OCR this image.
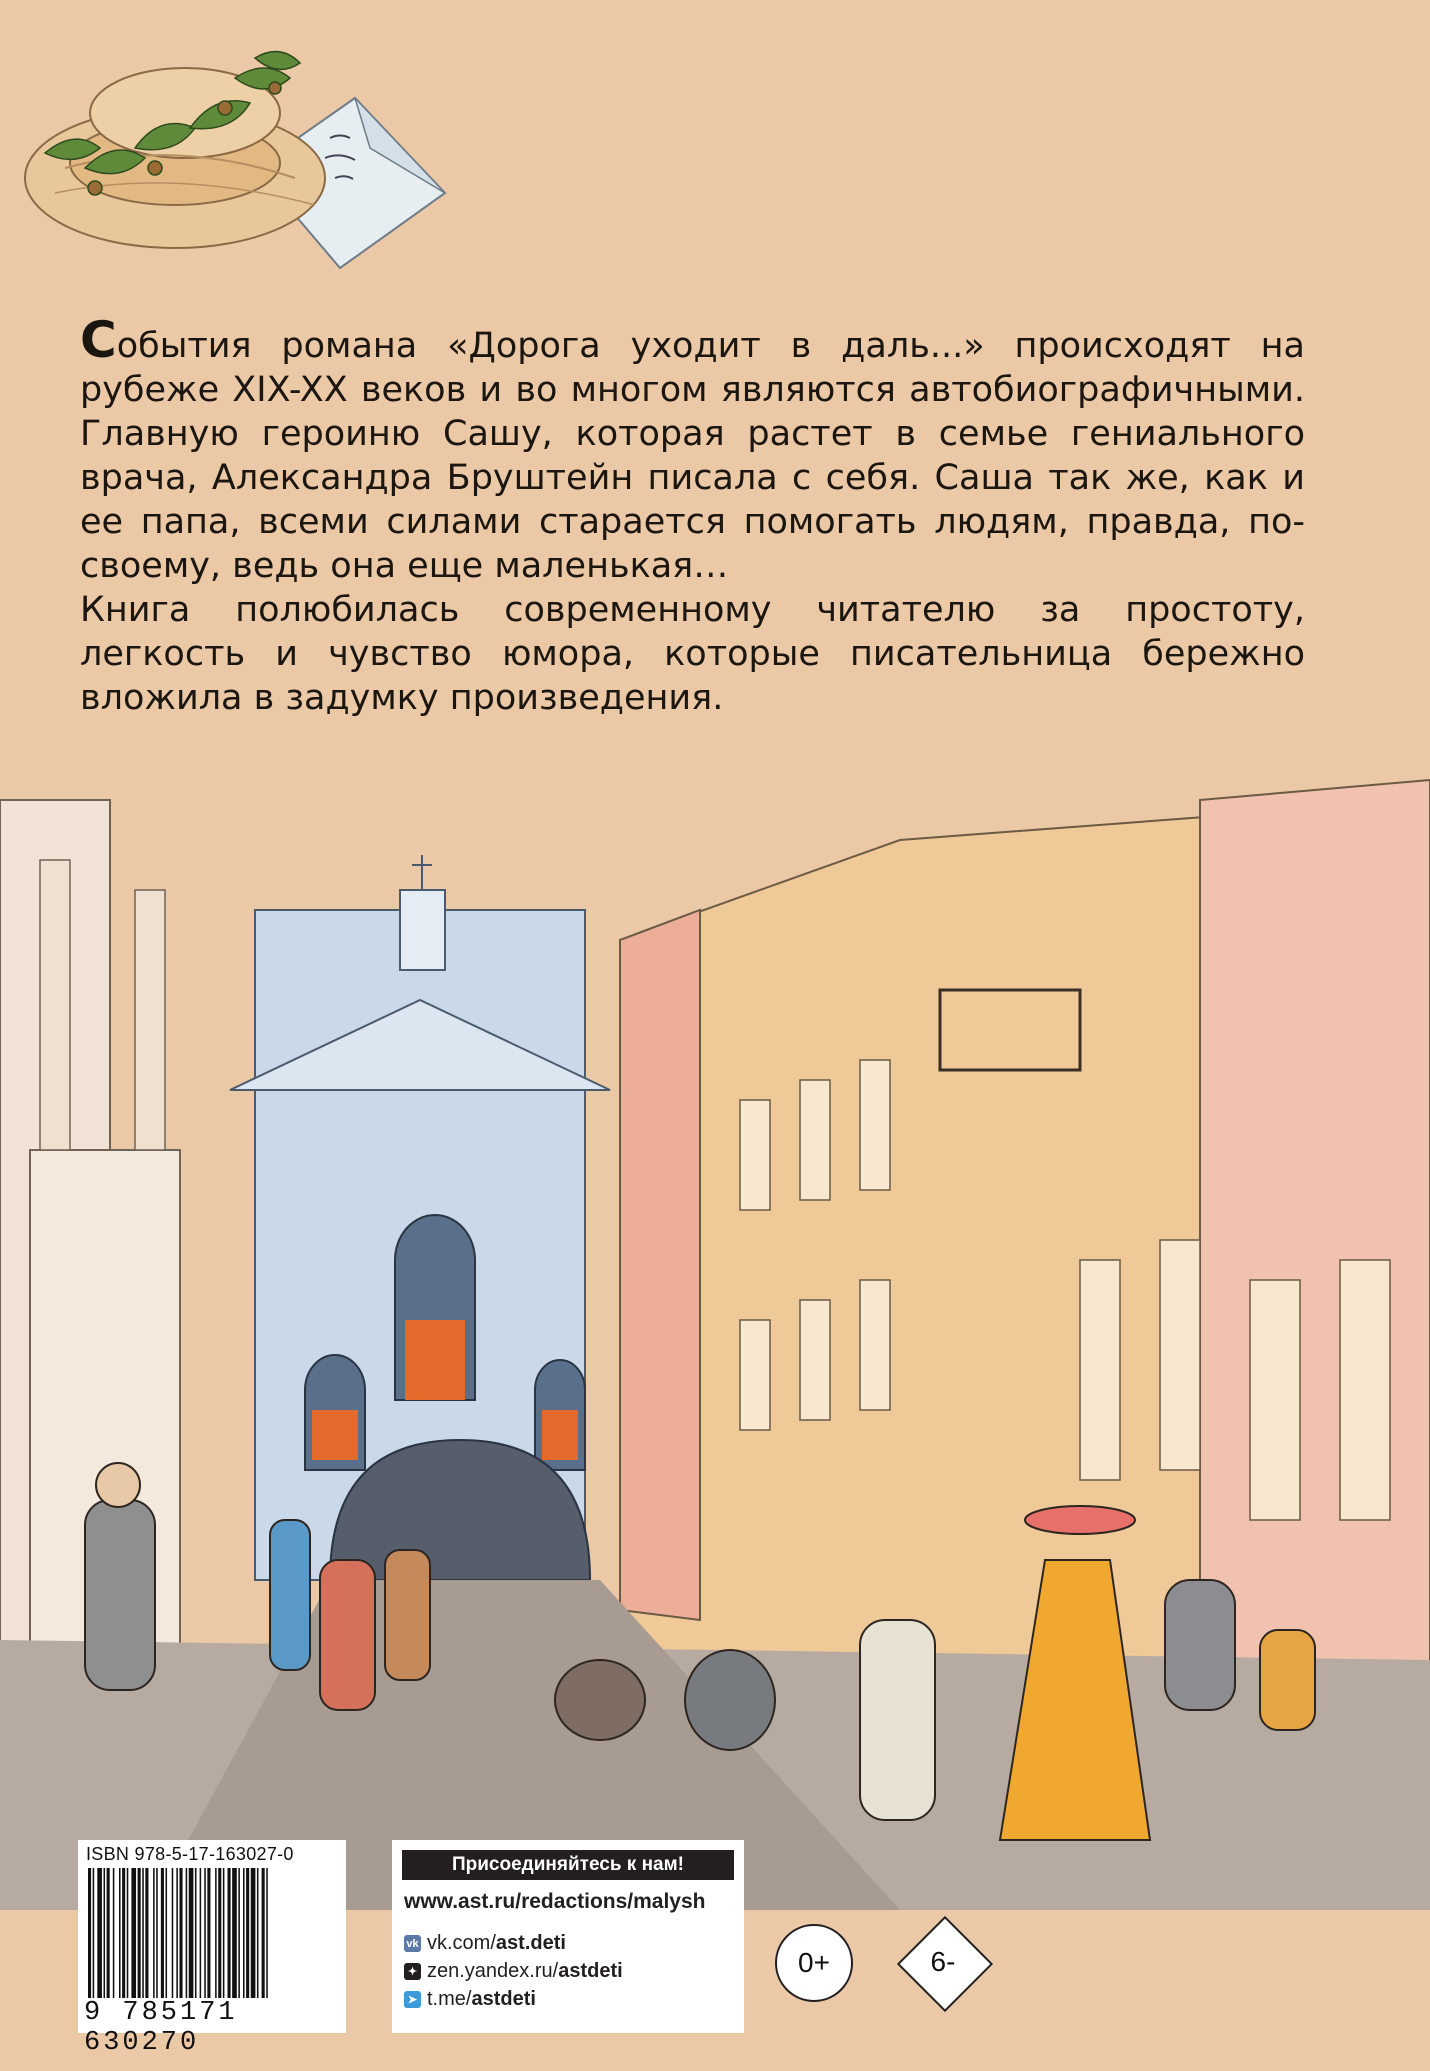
События романа «Дорога уходит в даль...» происходят на рубеже XIX-XX веков и во многом являются автобиографичными. Главную героиню Сашу, которая растет в семье гениального врача, Александра Бруштейн писала с себя. Саша так же, как и ее папа, всеми силами старается помогать людям, правда, по-своему, ведь она еще маленькая…

Книга полюбилась современному читателю за простоту, легкость и чувство юмора, которые писательница бережно вложила в задумку произведения.

ISBN 978-5-17-163027-0
9 785171 630270
Присоединяйтесь к нам!
www.ast.ru/redactions/malysh
vk vk.com/ast.deti
✦ zen.yandex.ru/astdeti
➤ t.me/astdeti
0+	6-
